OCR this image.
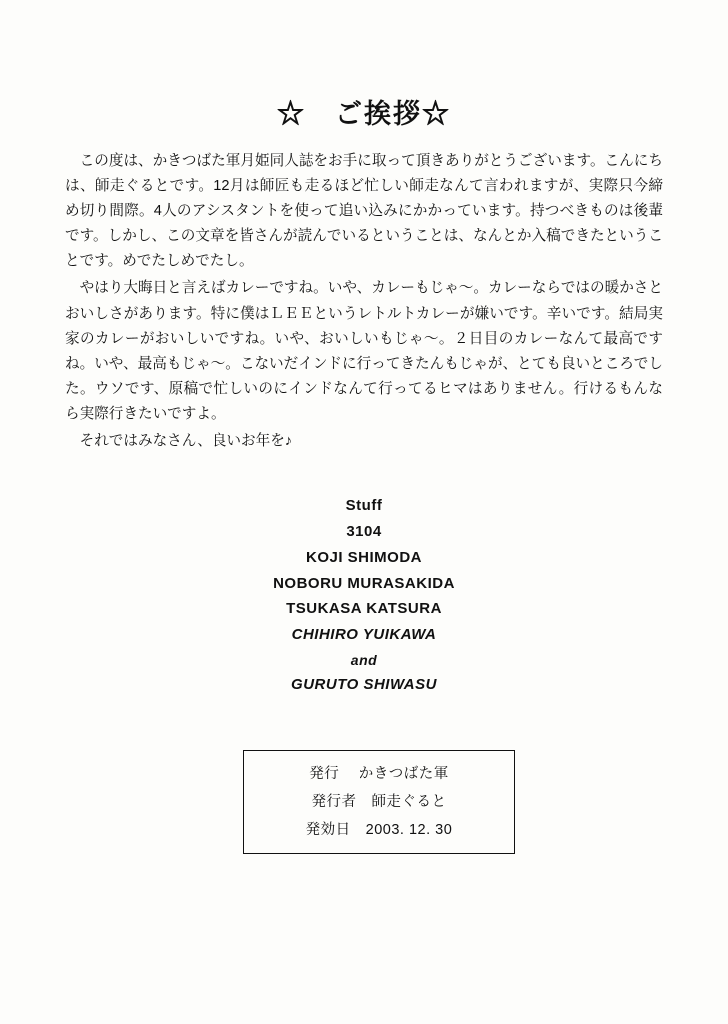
☆　ご挨拶☆

この度は、かきつばた軍月姫同人誌をお手に取って頂きありがとうございます。こんにちは、師走ぐるとです。12月は師匠も走るほど忙しい師走なんて言われますが、実際只今締め切り間際。4人のアシスタントを使って追い込みにかかっています。持つべきものは後輩です。しかし、この文章を皆さんが読んでいるということは、なんとか入稿できたということです。めでたしめでたし。

やはり大晦日と言えばカレーですね。いや、カレーもじゃ～。カレーならではの暖かさとおいしさがあります。特に僕はＬＥＥというレトルトカレーが嫌いです。辛いです。結局実家のカレーがおいしいですね。いや、おいしいもじゃ～。２日目のカレーなんて最高ですね。いや、最高もじゃ～。こないだインドに行ってきたんもじゃが、とても良いところでした。ウソです、原稿で忙しいのにインドなんて行ってるヒマはありません。行けるもんなら実際行きたいですよ。

それではみなさん、良いお年を♪

Stuff
3104
KOJI SHIMODA
NOBORU MURASAKIDA
TSUKASA KATSURA
CHIHIRO YUIKAWA
and
GURUTO SHIWASU
発行　 かきつばた軍
発行者　師走ぐると
発効日　2003. 12. 30
